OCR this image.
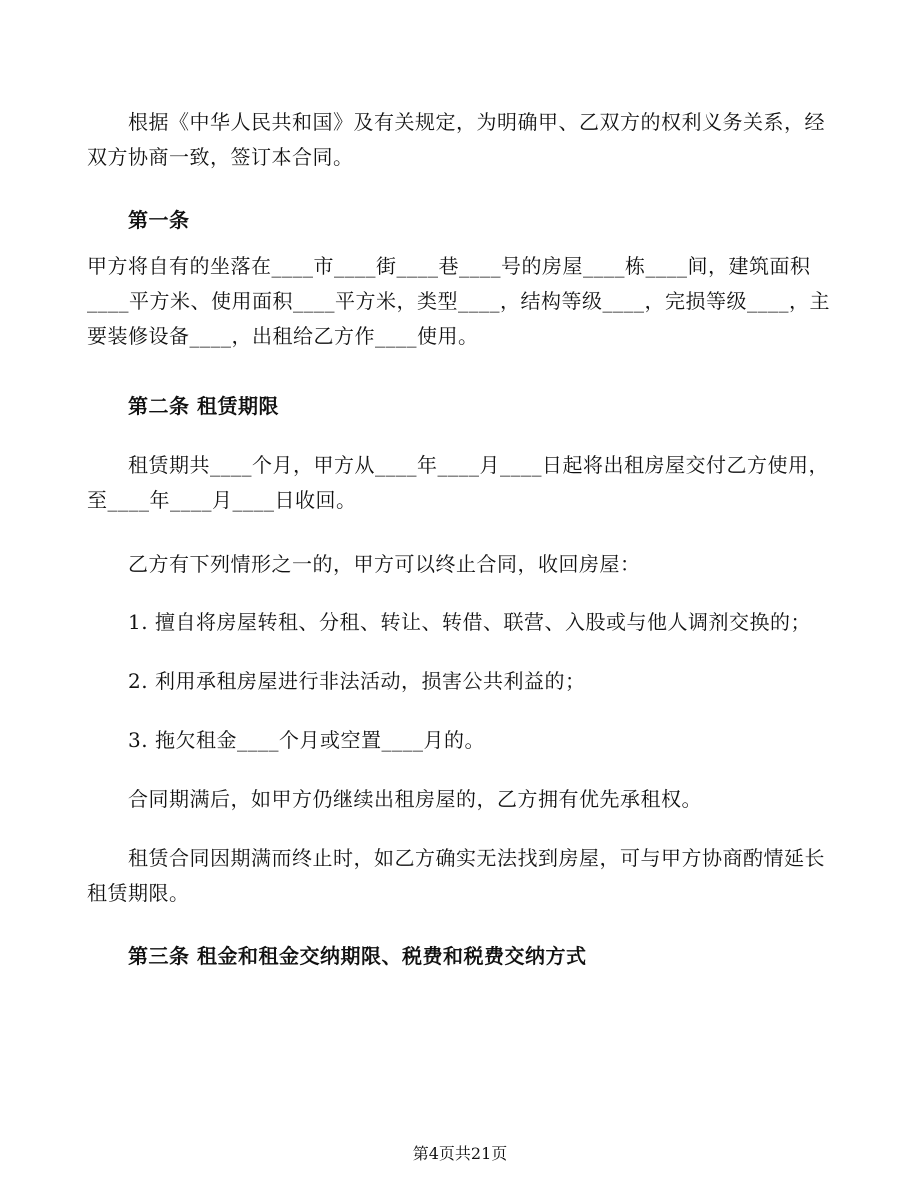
根据《中华人民共和国》及有关规定，为明确甲、乙双方的权利义务关系，经双方协商一致，签订本合同。

第一条

甲方将自有的坐落在____市____街____巷____号的房屋____栋____间，建筑面积____平方米、使用面积____平方米，类型____，结构等级____，完损等级____，主要装修设备____，出租给乙方作____使用。

第二条 租赁期限

租赁期共____个月，甲方从____年____月____日起将出租房屋交付乙方使用，至____年____月____日收回。

乙方有下列情形之一的，甲方可以终止合同，收回房屋：

1. 擅自将房屋转租、分租、转让、转借、联营、入股或与他人调剂交换的；

2. 利用承租房屋进行非法活动，损害公共利益的；

3. 拖欠租金____个月或空置____月的。

合同期满后，如甲方仍继续出租房屋的，乙方拥有优先承租权。

租赁合同因期满而终止时，如乙方确实无法找到房屋，可与甲方协商酌情延长租赁期限。

第三条 租金和租金交纳期限、税费和税费交纳方式

第4页共21页
